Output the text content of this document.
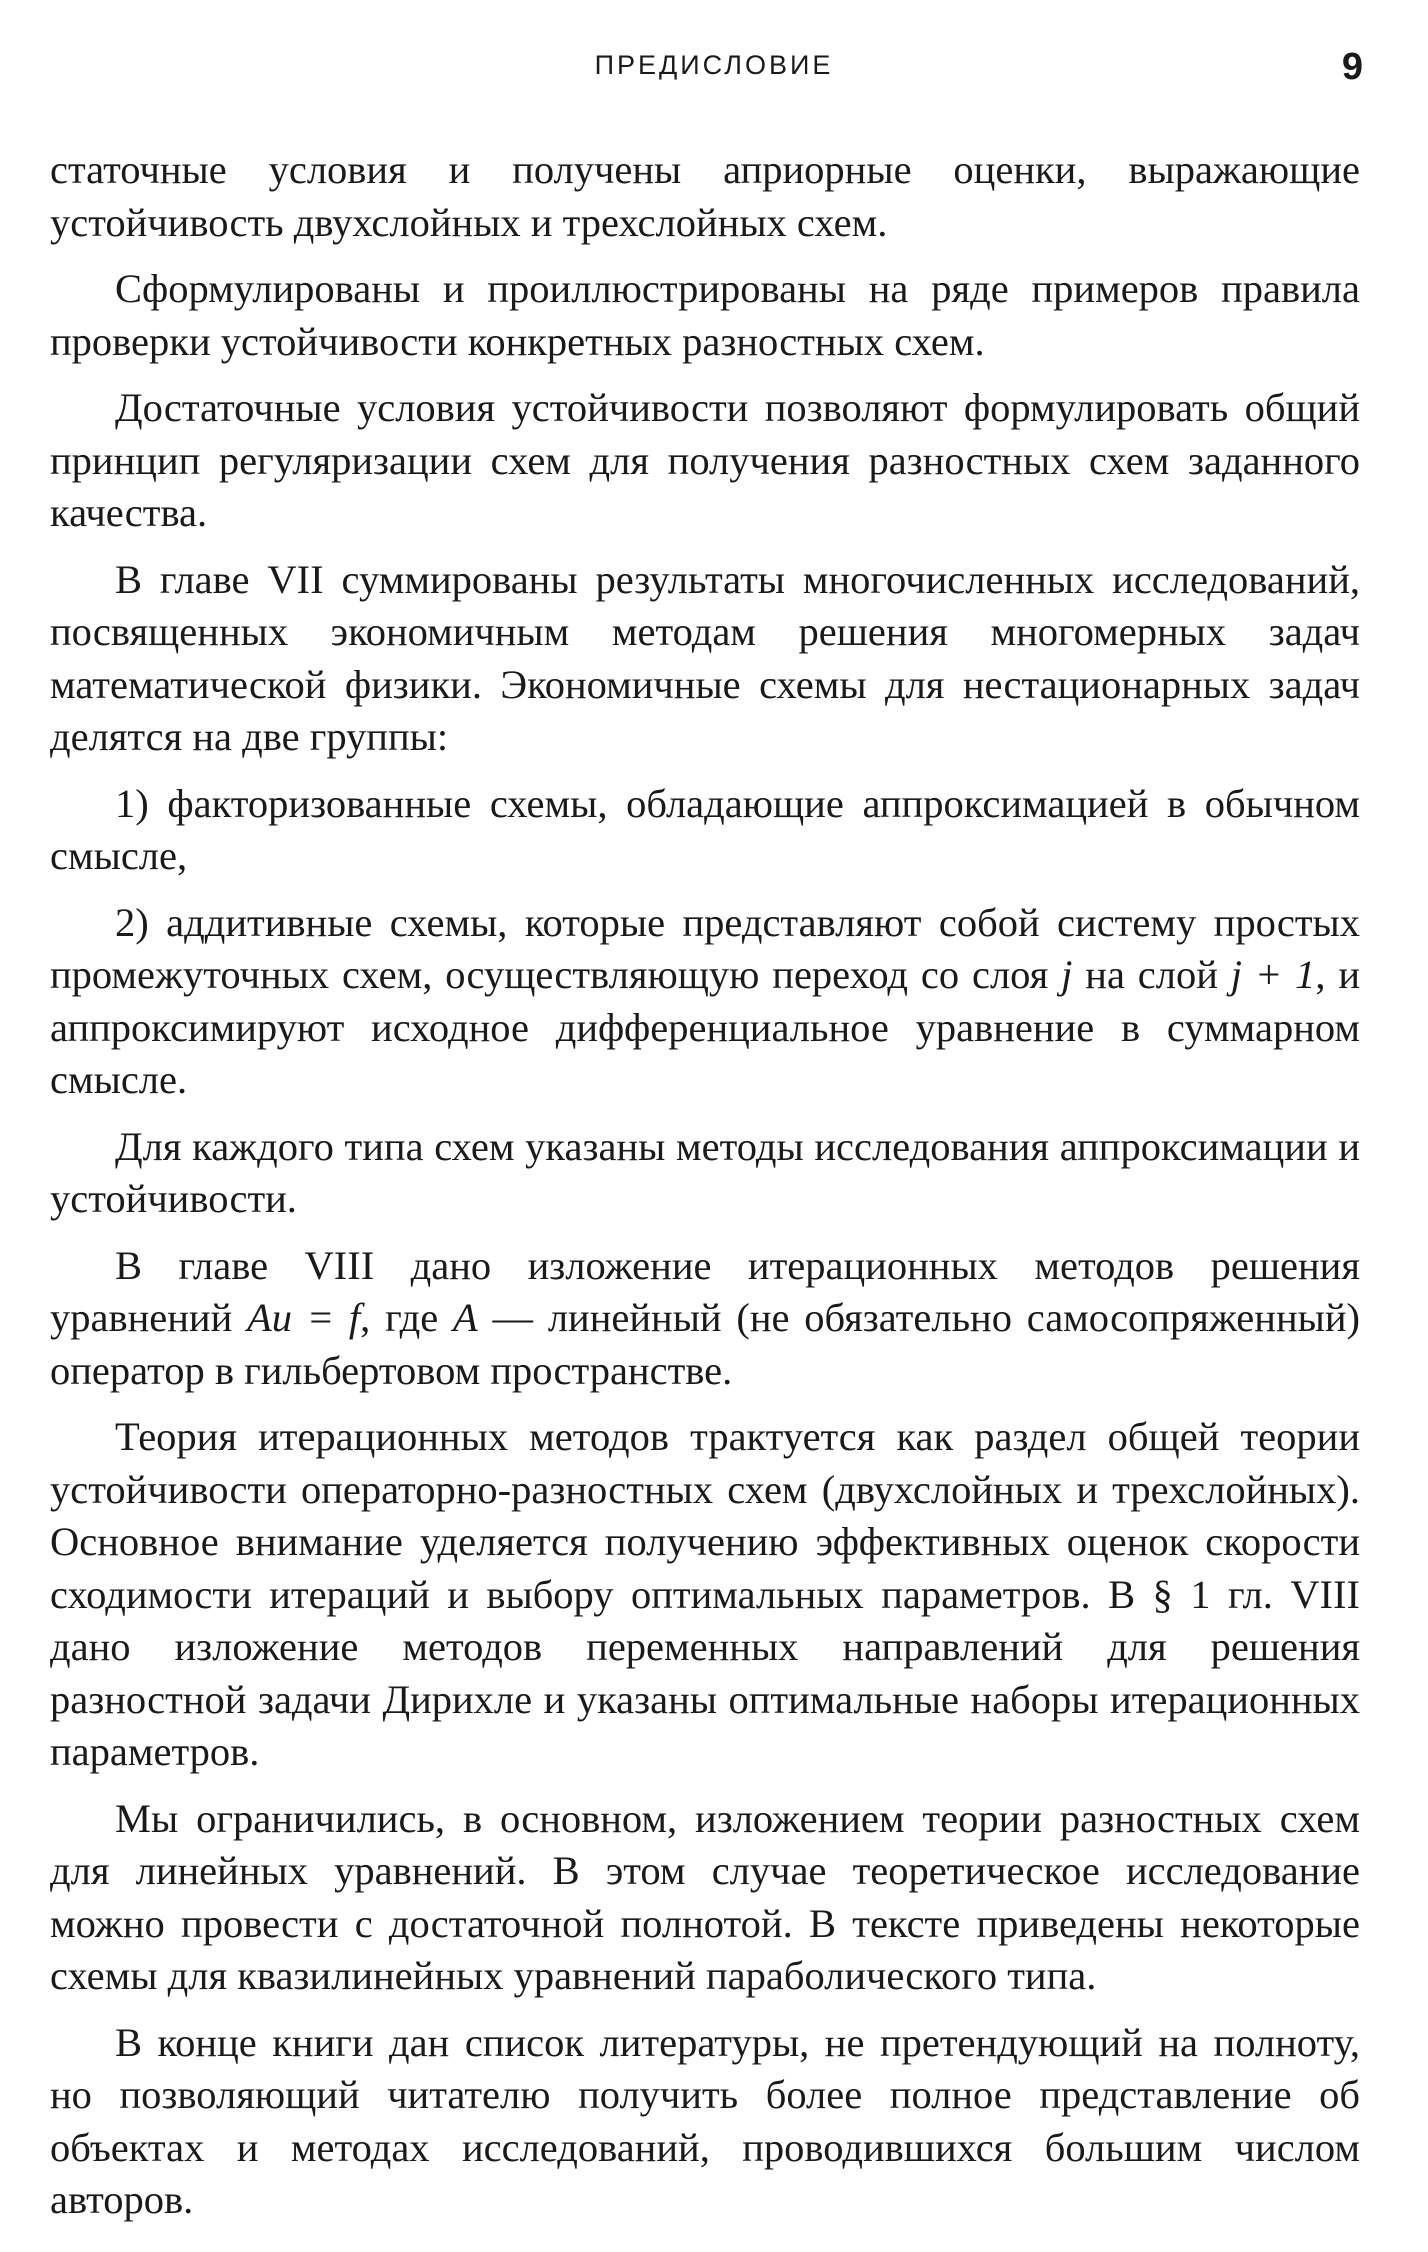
ПРЕДИСЛОВИЕ	9

статочные условия и получены априорные оценки, выражающие устойчивость двухслойных и трехслойных схем.

Сформулированы и проиллюстрированы на ряде примеров правила проверки устойчивости конкретных разностных схем.

Достаточные условия устойчивости позволяют формулировать общий принцип регуляризации схем для получения разностных схем заданного качества.

В главе VII суммированы результаты многочисленных исследований, посвященных экономичным методам решения многомерных задач математической физики. Экономичные схемы для нестационарных задач делятся на две группы:

1) факторизованные схемы, обладающие аппроксимацией в обычном смысле,

2) аддитивные схемы, которые представляют собой систему простых промежуточных схем, осуществляющую переход со слоя j на слой j + 1, и аппроксимируют исходное дифференциальное уравнение в суммарном смысле.

Для каждого типа схем указаны методы исследования аппроксимации и устойчивости.

В главе VIII дано изложение итерационных методов решения уравнений Au = f, где A — линейный (не обязательно самосопряженный) оператор в гильбертовом пространстве.

Теория итерационных методов трактуется как раздел общей теории устойчивости операторно-разностных схем (двухслойных и трехслойных). Основное внимание уделяется получению эффективных оценок скорости сходимости итераций и выбору оптимальных параметров. В § 1 гл. VIII дано изложение методов переменных направлений для решения разностной задачи Дирихле и указаны оптимальные наборы итерационных параметров.

Мы ограничились, в основном, изложением теории разностных схем для линейных уравнений. В этом случае теоретическое исследование можно провести с достаточной полнотой. В тексте приведены некоторые схемы для квазилинейных уравнений параболического типа.

В конце книги дан список литературы, не претендующий на полноту, но позволяющий читателю получить более полное представление об объектах и методах исследований, проводившихся большим числом авторов.
